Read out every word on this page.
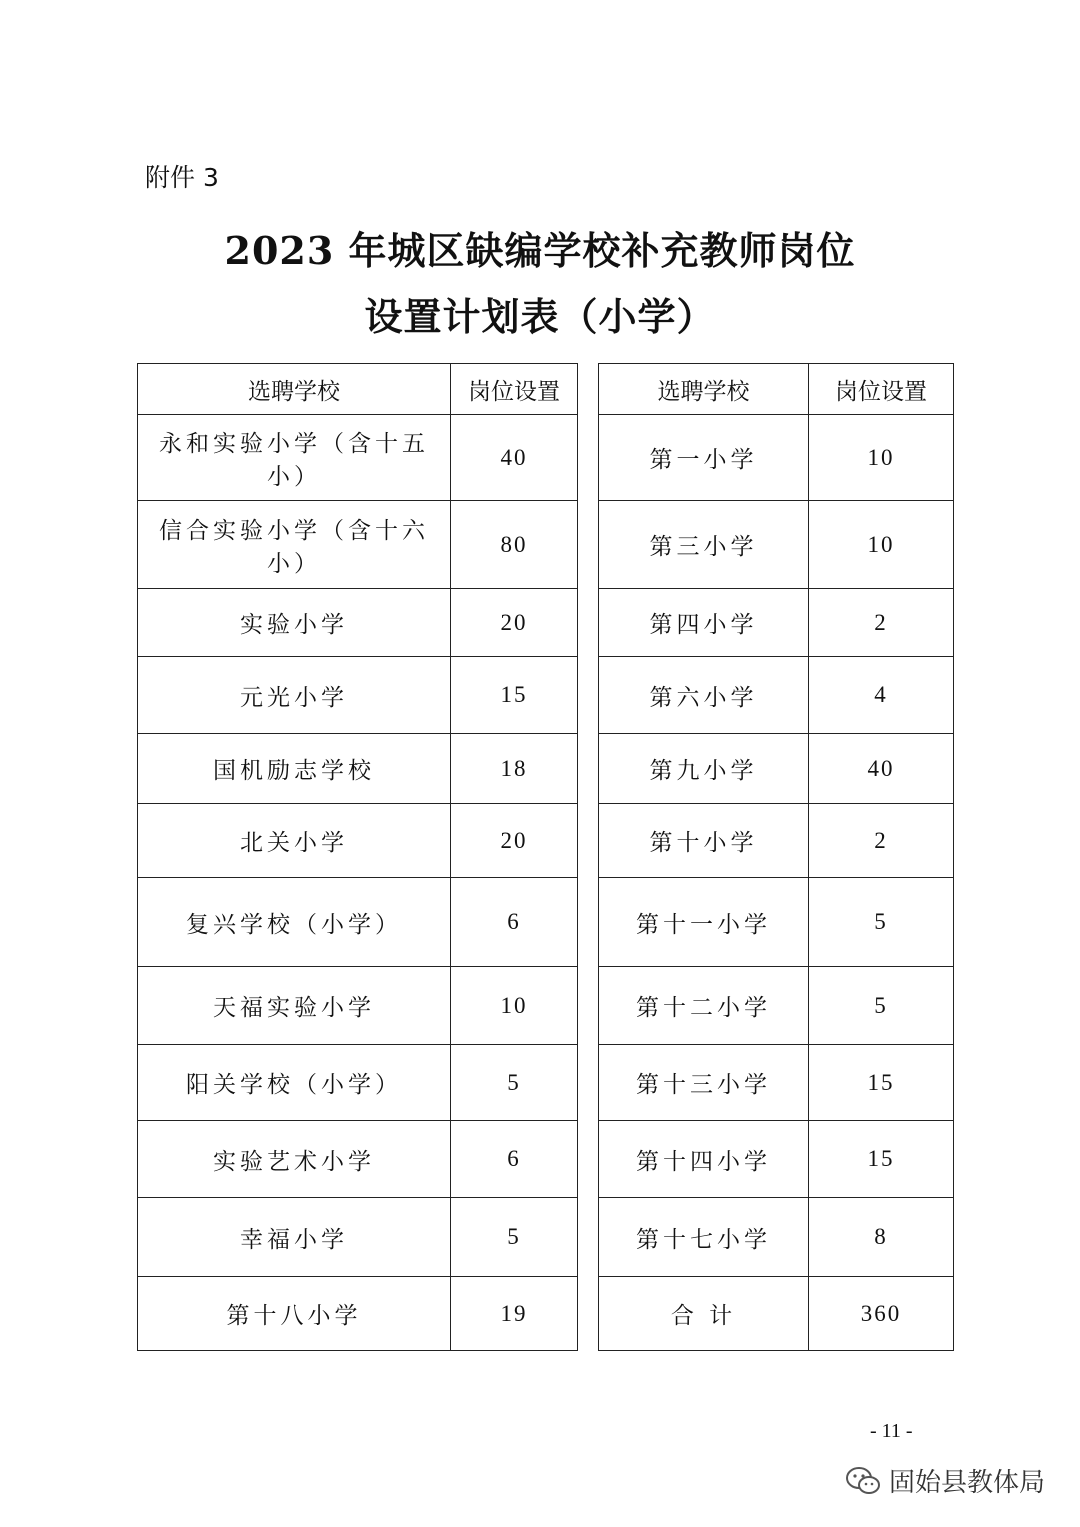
附件 3
2023 年城区缺编学校补充教师岗位
设置计划表（小学）
选聘学校	岗位设置
永和实验小学（含十五小）	40
信合实验小学（含十六小）	80
实验小学	20
元光小学	15
国机励志学校	18
北关小学	20
复兴学校（小学）	6
天福实验小学	10
阳关学校（小学）	5
实验艺术小学	6
幸福小学	5
第十八小学	19
选聘学校	岗位设置
第一小学	10
第三小学	10
第四小学	2
第六小学	4
第九小学	40
第十小学	2
第十一小学	5
第十二小学	5
第十三小学	15
第十四小学	15
第十七小学	8
合 计	360
- 11 -
固始县教体局
